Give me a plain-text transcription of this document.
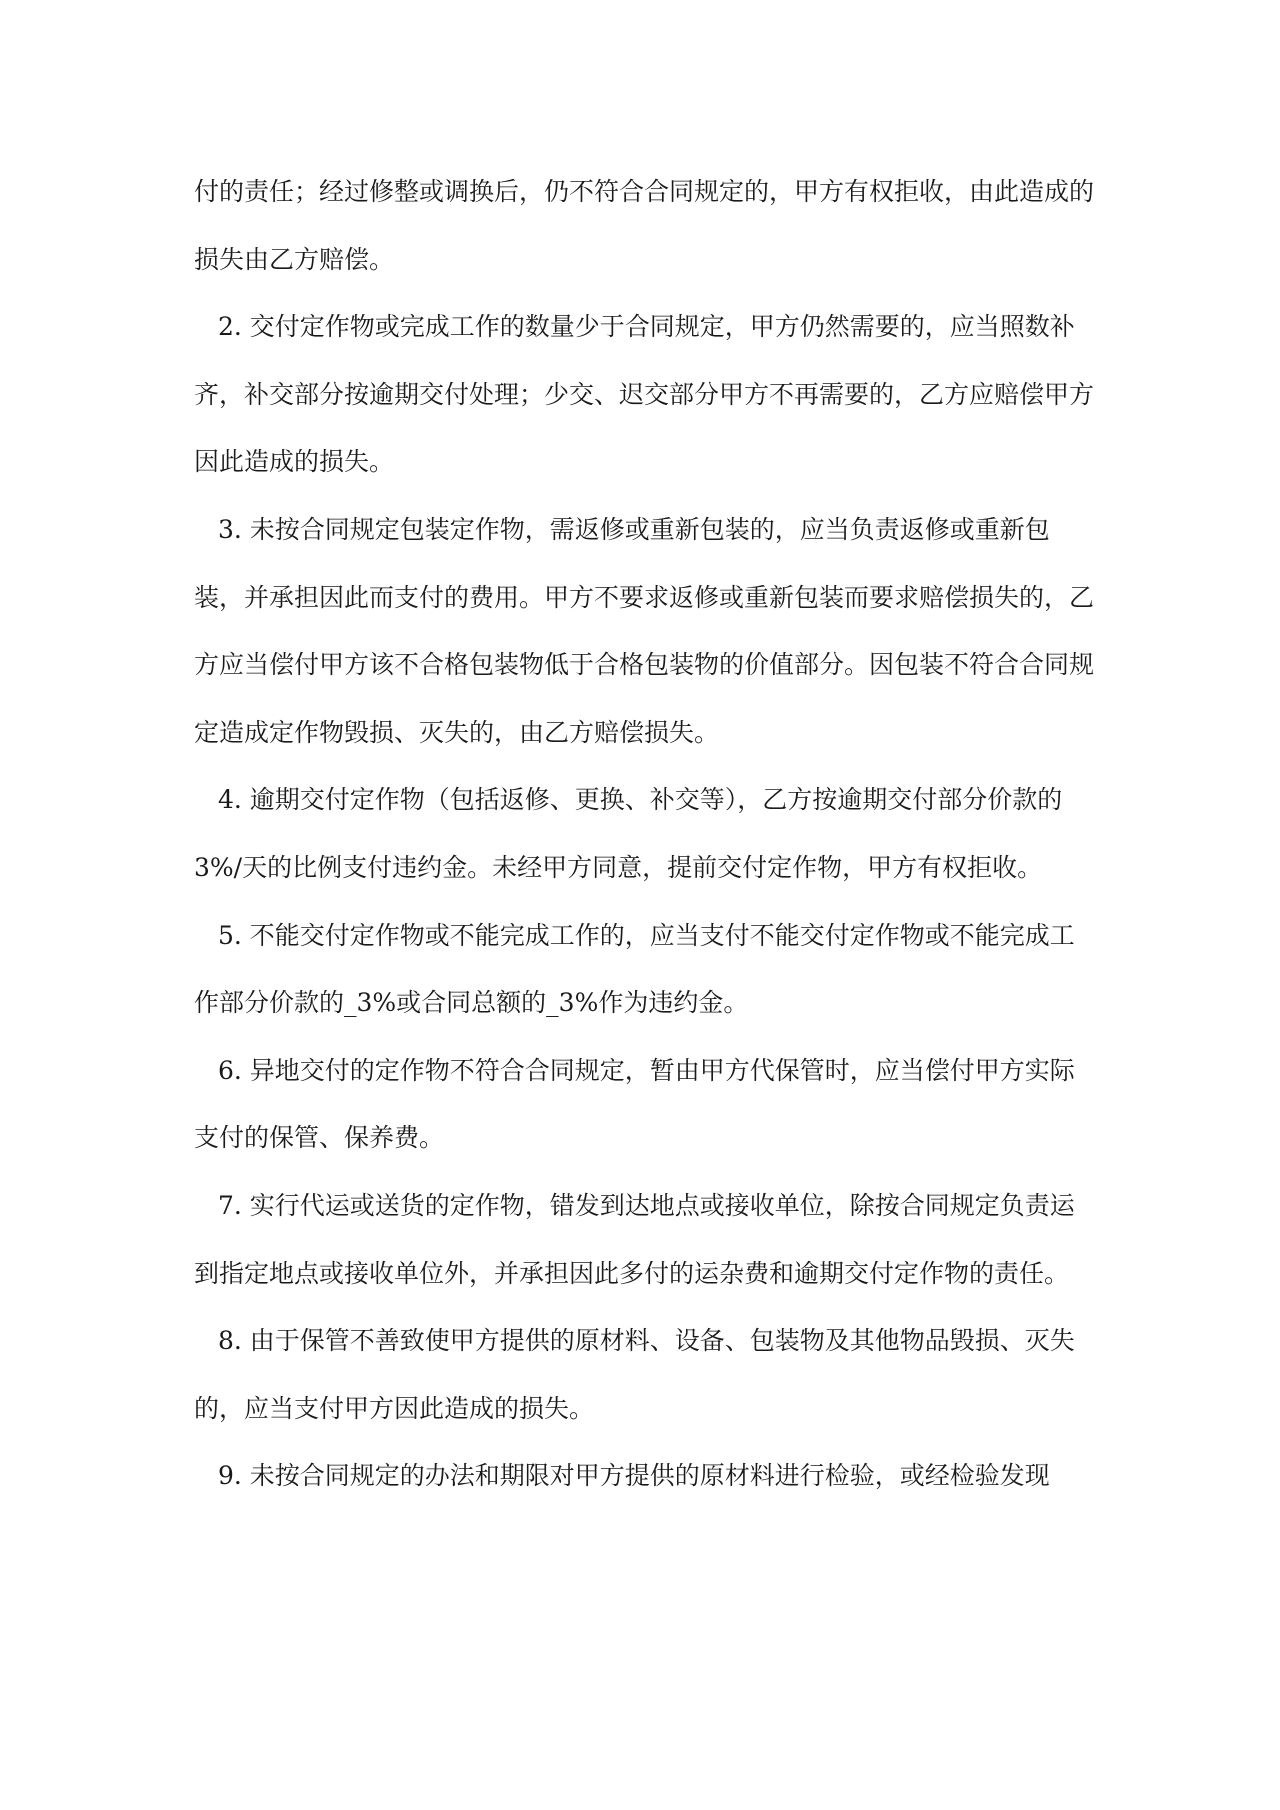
付的责任；经过修整或调换后，仍不符合合同规定的，甲方有权拒收，由此造成的损失由乙方赔偿。

2. 交付定作物或完成工作的数量少于合同规定，甲方仍然需要的，应当照数补齐，补交部分按逾期交付处理；少交、迟交部分甲方不再需要的，乙方应赔偿甲方因此造成的损失。

3. 未按合同规定包装定作物，需返修或重新包装的，应当负责返修或重新包装，并承担因此而支付的费用。甲方不要求返修或重新包装而要求赔偿损失的，乙方应当偿付甲方该不合格包装物低于合格包装物的价值部分。因包装不符合合同规定造成定作物毁损、灭失的，由乙方赔偿损失。

4. 逾期交付定作物（包括返修、更换、补交等），乙方按逾期交付部分价款的 3%/天的比例支付违约金。未经甲方同意，提前交付定作物，甲方有权拒收。

5. 不能交付定作物或不能完成工作的，应当支付不能交付定作物或不能完成工作部分价款的_3%或合同总额的_3%作为违约金。

6. 异地交付的定作物不符合合同规定，暂由甲方代保管时，应当偿付甲方实际支付的保管、保养费。

7. 实行代运或送货的定作物，错发到达地点或接收单位，除按合同规定负责运到指定地点或接收单位外，并承担因此多付的运杂费和逾期交付定作物的责任。

8. 由于保管不善致使甲方提供的原材料、设备、包装物及其他物品毁损、灭失的，应当支付甲方因此造成的损失。

9. 未按合同规定的办法和期限对甲方提供的原材料进行检验，或经检验发现
